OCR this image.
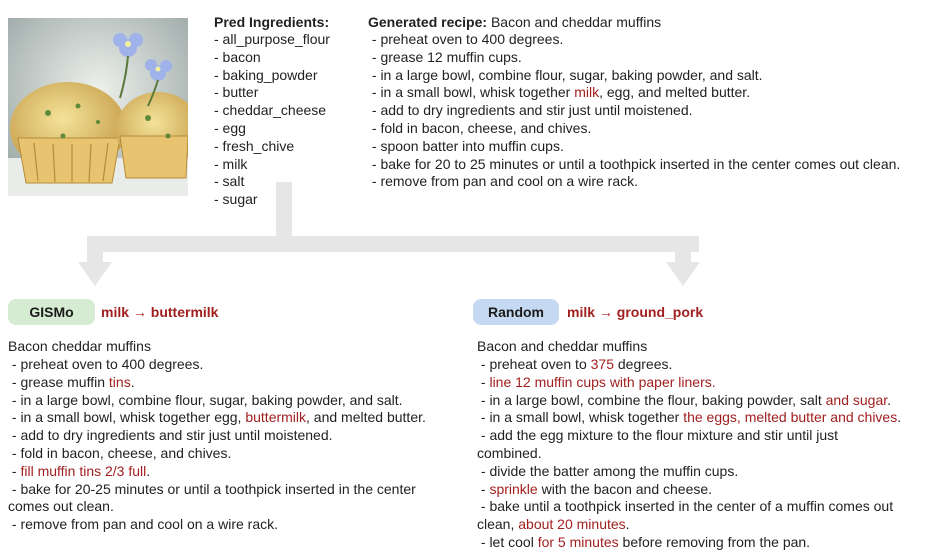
Pred Ingredients:
- all_purpose_flour
- bacon
- baking_powder
- butter
- cheddar_cheese
- egg
- fresh_chive
- milk
- salt
- sugar
Generated recipe: Bacon and cheddar muffins
- preheat oven to 400 degrees.
- grease 12 muffin cups.
- in a large bowl, combine flour, sugar, baking powder, and salt.
- in a small bowl, whisk together milk, egg, and melted butter.
- add to dry ingredients and stir just until moistened.
- fold in bacon, cheese, and chives.
- spoon batter into muffin cups.
- bake for 20 to 25 minutes or until a toothpick inserted in the center comes out clean.
- remove from pan and cool on a wire rack.
GISMo	milk → buttermilk
Bacon cheddar muffins
- preheat oven to 400 degrees.
- grease muffin tins.
- in a large bowl, combine flour, sugar, baking powder, and salt.
- in a small bowl, whisk together egg, buttermilk, and melted butter.
- add to dry ingredients and stir just until moistened.
- fold in bacon, cheese, and chives.
- fill muffin tins 2/3 full.
- bake for 20-25 minutes or until a toothpick inserted in the center
comes out clean.
- remove from pan and cool on a wire rack.
Random	milk → ground_pork
Bacon and cheddar muffins
- preheat oven to 375 degrees.
- line 12 muffin cups with paper liners.
- in a large bowl, combine the flour, baking powder, salt and sugar.
- in a small bowl, whisk together the eggs, melted butter and chives.
- add the egg mixture to the flour mixture and stir until just
combined.
- divide the batter among the muffin cups.
- sprinkle with the bacon and cheese.
- bake until a toothpick inserted in the center of a muffin comes out
clean, about 20 minutes.
- let cool for 5 minutes before removing from the pan.
